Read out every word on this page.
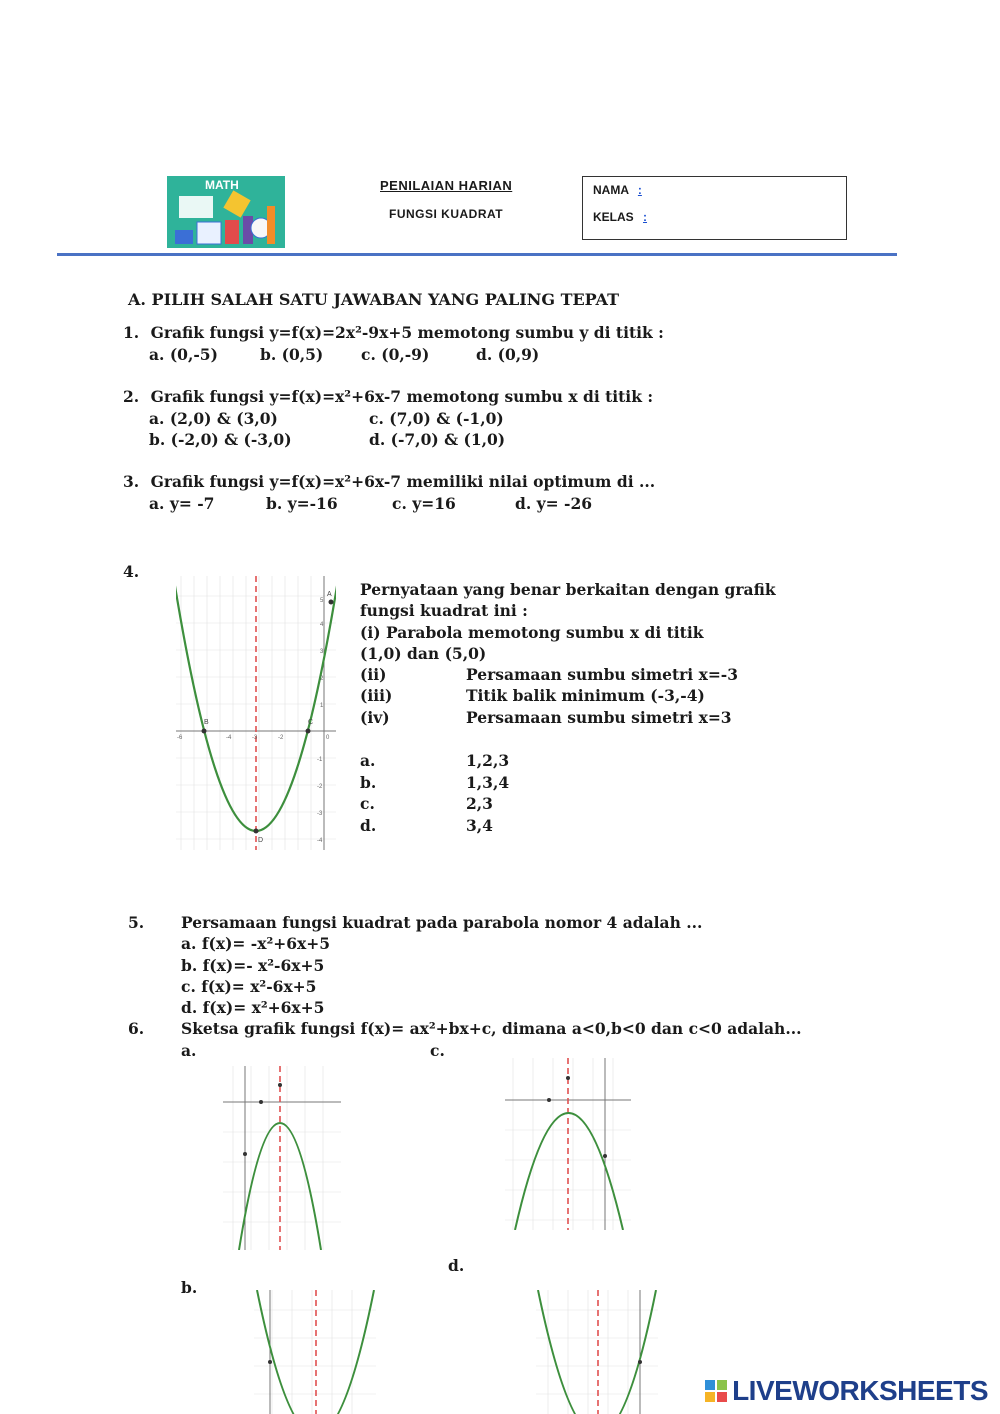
MATH	PENILAIAN HARIAN
FUNGSI KUADRAT
NAMA :
KELAS :
A. PILIH SALAH SATU JAWABAN YANG PALING TEPAT
1. Grafik fungsi y=f(x)=2x²-9x+5 memotong sumbu y di titik :
a. (0,-5)	b. (0,5) c. (0,-9)	d. (0,9)
2. Grafik fungsi y=f(x)=x²+6x-7 memotong sumbu x di titik :
a. (2,0) & (3,0)	c. (7,0) & (-1,0)
b. (-2,0) & (-3,0)	d. (-7,0) & (1,0)
3. Grafik fungsi y=f(x)=x²+6x-7 memiliki nilai optimum di ...
a. y= -7	b. y=-16	c. y=16	d. y= -26
4.
A
B	C
D
-6	-4	-3	-2	0
5
4
3
2
1
-1
-2
-3
-4
Pernyataan yang benar berkaitan dengan grafik
fungsi kuadrat ini :
(i) Parabola memotong sumbu x di titik
(1,0) dan (5,0)
(ii)	Persamaan sumbu simetri x=-3
(iii)	Titik balik minimum (-3,-4)
(iv)	Persamaan sumbu simetri x=3
a.	1,2,3
b.	1,3,4
c.	2,3
d.	3,4
5. Persamaan fungsi kuadrat pada parabola nomor 4 adalah ...
a. f(x)= -x²+6x+5
b. f(x)=- x²-6x+5
c. f(x)= x²-6x+5
d. f(x)= x²+6x+5
6. Sketsa grafik fungsi f(x)= ax²+bx+c, dimana a<0,b<0 dan c<0 adalah...
a.	c.
d.
b.
LIVEWORKSHEETS
